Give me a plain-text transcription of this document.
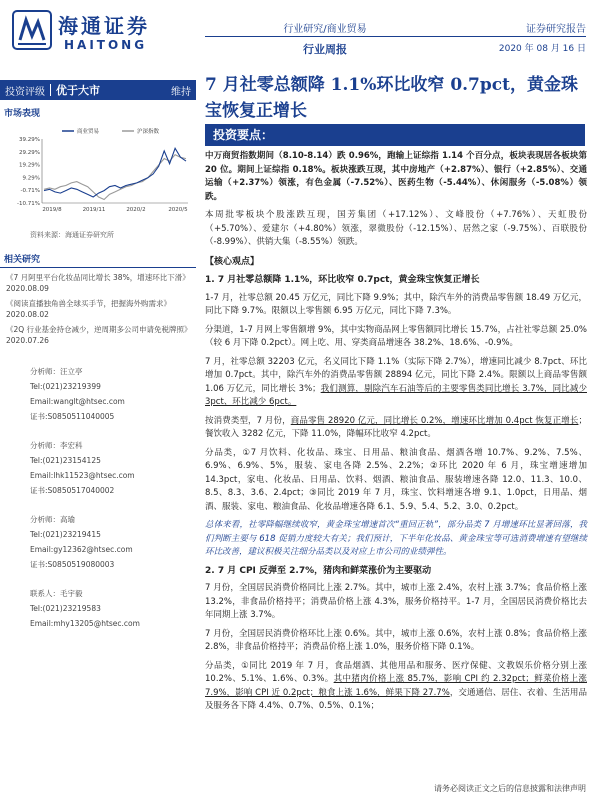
海通证券
HAITONG
行业研究/商业贸易
行业周报
证券研究报告
2020 年 08 月 16 日
投资评级	优于大市	维持 7 月社零总额降 1.1%环比收窄 0.7pct，黄金珠宝恢复正增长
市场表现
39.29%
29.29%
19.29%
9.29%
-0.71%
-10.71%
2019/8	2019/11	2020/2	2020/5
商业贸易	沪深指数
资料来源：海通证券研究所
相关研究
《7 月阿里平台化妆品同比增长 38%，增速环比下滑》2020.08.09
《阅读直播独角兽全球买手节，把握海外购需求》2020.08.02
《2Q 行业基金持仓减少，逆周期多公司申请免税牌照》2020.07.26
分析师：汪立亭
Tel:(021)23219399
Email:wanglt@htsec.com
证书:S0850511040005
分析师：李宏科
Tel:(021)23154125
Email:lhk11523@htsec.com
证书:S0850517040002
分析师：高瑜
Tel:(021)23219415
Email:gy12362@htsec.com
证书:S0850519080003
联系人：毛宇毅
Tel:(021)23219583
Email:mhy13205@htsec.com
投资要点：

中万商贸指数期间（8.10-8.14）跌 0.96%，跑输上证综指 1.14 个百分点，板块表现居各板块第 20 位。期间上证综指 0.18%。板块涨跌互现，其中房地产（+2.87%）、银行（+2.85%）、交通运输（+2.37%）领涨，有色金属（-7.52%）、医药生物（-5.44%）、休闲服务（-5.08%）领跌。

本周批零板块个股涨跌互现，国芳集团（+17.12%）、文峰股份（+7.76%）、天虹股份（+5.70%）、爱建尔（+4.80%）领涨，翠微股份（-12.15%）、居然之家（-9.75%）、百联股份（-8.99%）、供销大集（-8.55%）领跌。

【核心观点】
1. 7 月社零总额降 1.1%，环比收窄 0.7pct，黄金珠宝恢复正增长

1-7 月，社零总额 20.45 万亿元，同比下降 9.9%；其中，除汽车外的消费品零售额 18.49 万亿元，同比下降 9.7%。限额以上零售额 6.95 万亿元，同比下降 7.3%。

分渠道，1-7 月网上零售额增 9%，其中实物商品网上零售额同比增长 15.7%，占社社零总额 25.0%（较 6 月下降 0.2pct）。网上吃、用、穿类商品增速各 38.2%、18.6%、-0.9%。

7 月，社零总额 32203 亿元，名义同比下降 1.1%（实际下降 2.7%），增速同比减少 8.7pct、环比增加 0.7pct。其中，除汽车外的消费品零售额 28894 亿元，同比下降 2.4%。限额以上商品零售额 1.06 万亿元，同比增长 3%；我们测算，剔除汽车石油等后的主要零售类同比增长 3.7%，同比减少 3pct、环比减少 6pct。

按消费类型，7 月份，商品零售 28920 亿元，同比增长 0.2%，增速环比增加 0.4pct 恢复正增长；餐饮收入 3282 亿元，下降 11.0%，降幅环比收窄 4.2pct。

分品类，①7 月饮料、化妆品、珠宝、日用品、粮油食品、烟酒各增 10.7%、9.2%、7.5%、6.9%、6.9%、5%，服装、家电各降 2.5%、2.2%；②环比 2020 年 6 月，珠宝增速增加 14.3pct，家电、化妆品、日用品、饮料、烟酒、粮油食品、服装增速各降 12.0、11.3、10.0、8.5、8.3、3.6、2.4pct；③同比 2019 年 7 月，珠宝、饮料增速各增 9.1、1.0pct，日用品、烟酒、服装、家电、粮油食品、化妆品增速各降 6.1、5.9、5.4、5.2、3.0、0.2pct。

总体来看，社零降幅继续收窄，黄金珠宝增速首次“重回正轨”，部分品类 7 月增速环比显著回落，我们判断主要与 618 促销力度较大有关；我们预计，下半年化妆品、黄金珠宝等可选消费增速有望继续环比改善，建议积极关注细分品类以及对应上市公司的业绩弹性。

2. 7 月 CPI 反弹至 2.7%，猪肉和鲜菜涨价为主要驱动

7 月份，全国居民消费价格同比上涨 2.7%。其中，城市上涨 2.4%，农村上涨 3.7%；食品价格上涨 13.2%，非食品价格持平；消费品价格上涨 4.3%，服务价格持平。1-7 月，全国居民消费价格比去年同期上涨 3.7%。

7 月份，全国居民消费价格环比上涨 0.6%。其中，城市上涨 0.6%，农村上涨 0.8%；食品价格上涨 2.8%，非食品价格持平；消费品价格上涨 1.0%，服务价格下降 0.1%。

分品类，①同比 2019 年 7 月，食品烟酒、其他用品和服务、医疗保健、文教娱乐价格分别上涨 10.2%、5.1%、1.6%、0.3%。其中猪肉价格上涨 85.7%，影响 CPI 约 2.32pct；鲜菜价格上涨 7.9%，影响 CPI 近 0.2pct；粮食上涨 1.6%，鲜果下降 27.7%，交通通信、居住、衣着、生活用品及服务各下降 4.4%、0.7%、0.5%、0.1%；

请务必阅读正文之后的信息披露和法律声明
